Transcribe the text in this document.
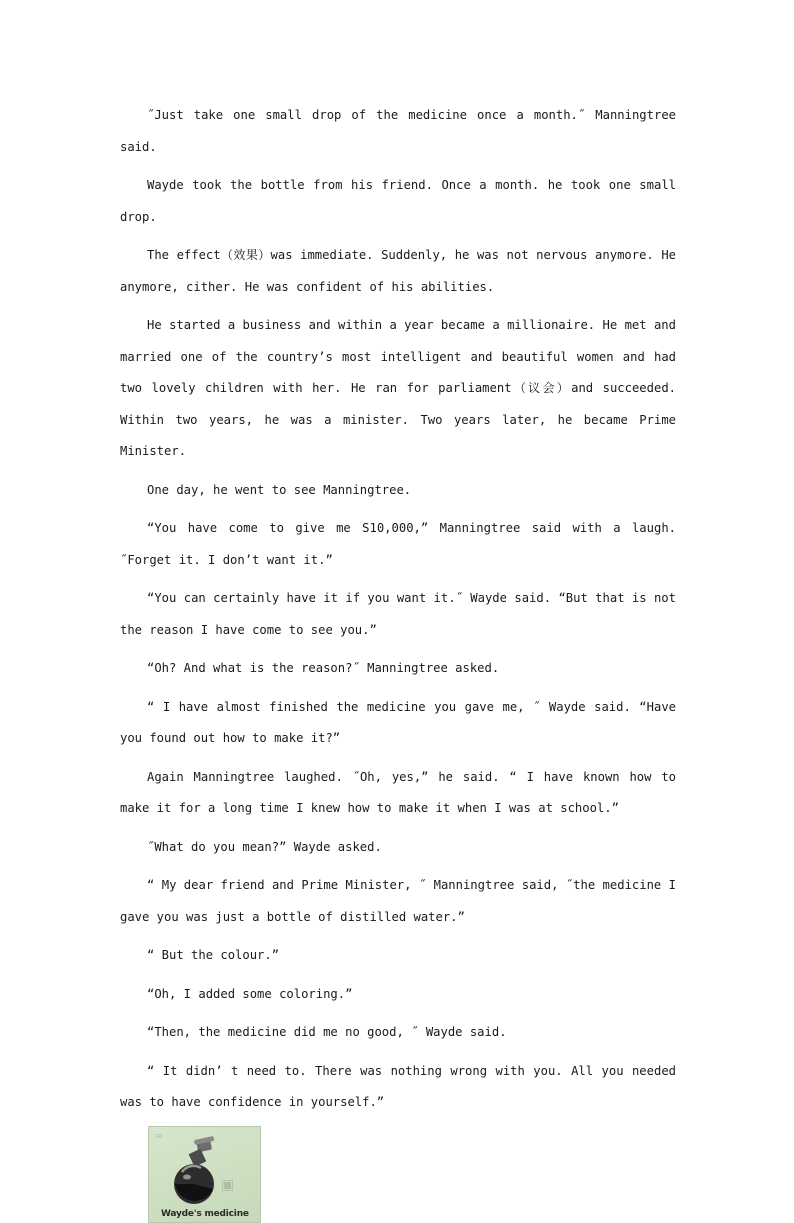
˝Just take one small drop of the medicine once a month.˝ Manningtree said.

Wayde took the bottle from his friend. Once a month. he took one small drop.

The effect（效果）was immediate. Suddenly, he was not nervous anymore. He anymore, cither. He was confident of his abilities.

He started a business and within a year became a millionaire. He met and married one of the country’s most intelligent and beautiful women and had two lovely children with her. He ran for parliament（议会）and succeeded. Within two years, he was a minister. Two years later, he became Prime Minister.

One day, he went to see Manningtree.

“You have come to give me S10,000,” Manningtree said with a laugh. ˝Forget it. I don’t want it.”

“You can certainly have it if you want it.˝ Wayde said. “But that is not the reason I have come to see you.”

“Oh? And what is the reason?˝ Manningtree asked.

“ I have almost finished the medicine you gave me, ˝ Wayde said. “Have you found out how to make it?”

Again Manningtree laughed. ˝Oh, yes,” he said. “ I have known how to make it for a long time I knew how to make it when I was at school.”

˝What do you mean?” Wayde asked.

“ My dear friend and Prime Minister, ˝ Manningtree said, ˝the medicine I gave you was just a bottle of distilled water.”

“ But the colour.”

“Oh, I added some coloring.”

“Then, the medicine did me no good, ˝ Wayde said.

“ It didn’ t need to. There was nothing wrong with you. All you needed was to have confidence in yourself.”

≈
▣
Wayde's medicine
